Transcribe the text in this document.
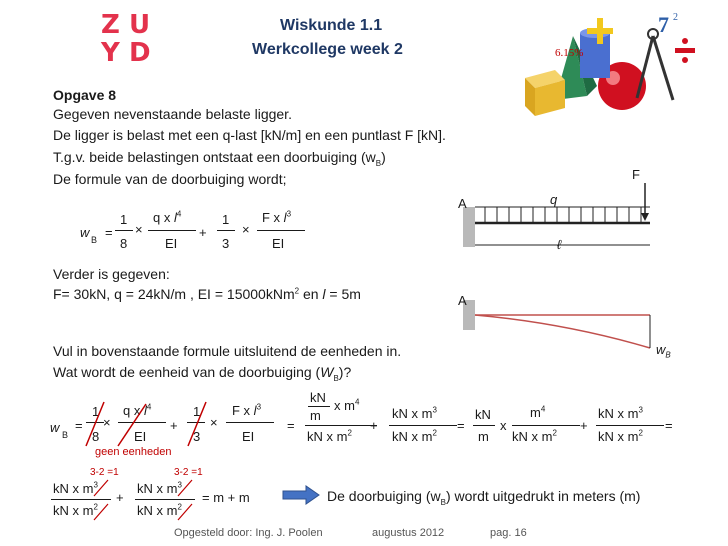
Z U
Y D
Wiskunde 1.1
Werkcollege week 2	6.15%
7 2
Opgave 8
Gegeven nevenstaande belaste ligger.
De ligger is belast met een q-last [kN/m] en een puntlast F [kN].
T.g.v. beide belastingen ontstaat een doorbuiging $(w_B)$
De formule van de doorbuiging wordt;
w B =
1
8
×
q x $l^4$
EI
+
1
3
×
F x $l^3$
EI
Verder is gegeven:
F= 30kN, q = 24kN/m , EI = 15000kNm$^2$ en l = 5m
A	q
F
ℓ
A
$w_B$
Vul in bovenstaande formule uitsluitend de eenheden in.
Wat wordt de eenheid van de doorbuiging $(W_B)$?
w B
=
1
8
×
q x $l^4$
EI
+
1
3
×
F x $l^3$
EI
geen eenheden
=
kN
m
x $m^4$
kN x $m^2$
+
kN x $m^3$
kN x $m^2$
=
kN
m
x
$m^4$
kN x $m^2$
+
kN x $m^3$
kN x $m^2$
=
3-2 =1	3-2 =1
kN x $m^3$
kN x $m^2$
+
kN x $m^3$
kN x $m^2$
= m + m	De doorbuiging $(w_B)$ wordt uitgedrukt in meters (m)
Opgesteld door: Ing. J. Poolen	augustus 2012	pag. 16
